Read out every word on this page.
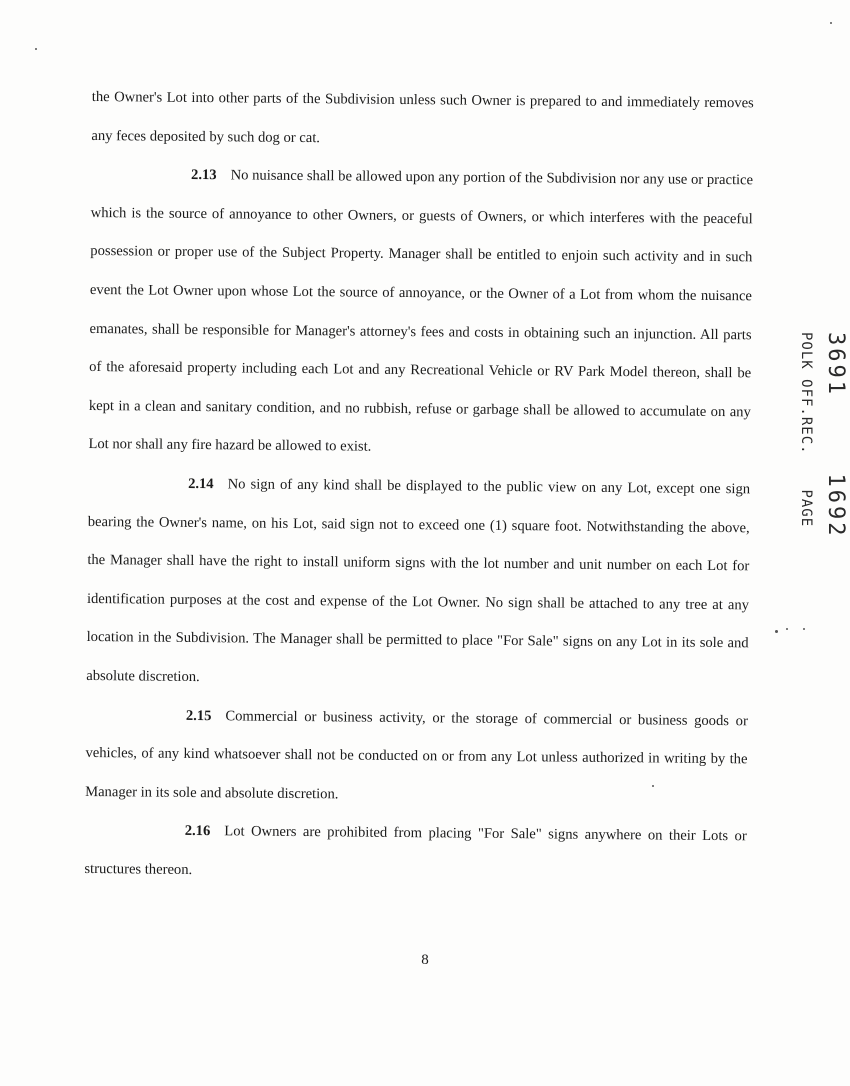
the Owner's Lot into other parts of the Subdivision unless such Owner is prepared to and immediately removes any feces deposited by such dog or cat.

2.13 No nuisance shall be allowed upon any portion of the Subdivision nor any use or practice which is the source of annoyance to other Owners, or guests of Owners, or which interferes with the peaceful possession or proper use of the Subject Property. Manager shall be entitled to enjoin such activity and in such event the Lot Owner upon whose Lot the source of annoyance, or the Owner of a Lot from whom the nuisance emanates, shall be responsible for Manager's attorney's fees and costs in obtaining such an injunction. All parts of the aforesaid property including each Lot and any Recreational Vehicle or RV Park Model thereon, shall be kept in a clean and sanitary condition, and no rubbish, refuse or garbage shall be allowed to accumulate on any Lot nor shall any fire hazard be allowed to exist.

2.14 No sign of any kind shall be displayed to the public view on any Lot, except one sign bearing the Owner's name, on his Lot, said sign not to exceed one (1) square foot. Notwithstanding the above, the Manager shall have the right to install uniform signs with the lot number and unit number on each Lot for identification purposes at the cost and expense of the Lot Owner. No sign shall be attached to any tree at any location in the Subdivision. The Manager shall be permitted to place "For Sale" signs on any Lot in its sole and absolute discretion.

2.15 Commercial or business activity, or the storage of commercial or business goods or vehicles, of any kind whatsoever shall not be conducted on or from any Lot unless authorized in writing by the Manager in its sole and absolute discretion.

2.16 Lot Owners are prohibited from placing "For Sale" signs anywhere on their Lots or structures thereon.

8
3691  1692
POLK OFF.REC.  PAGE
